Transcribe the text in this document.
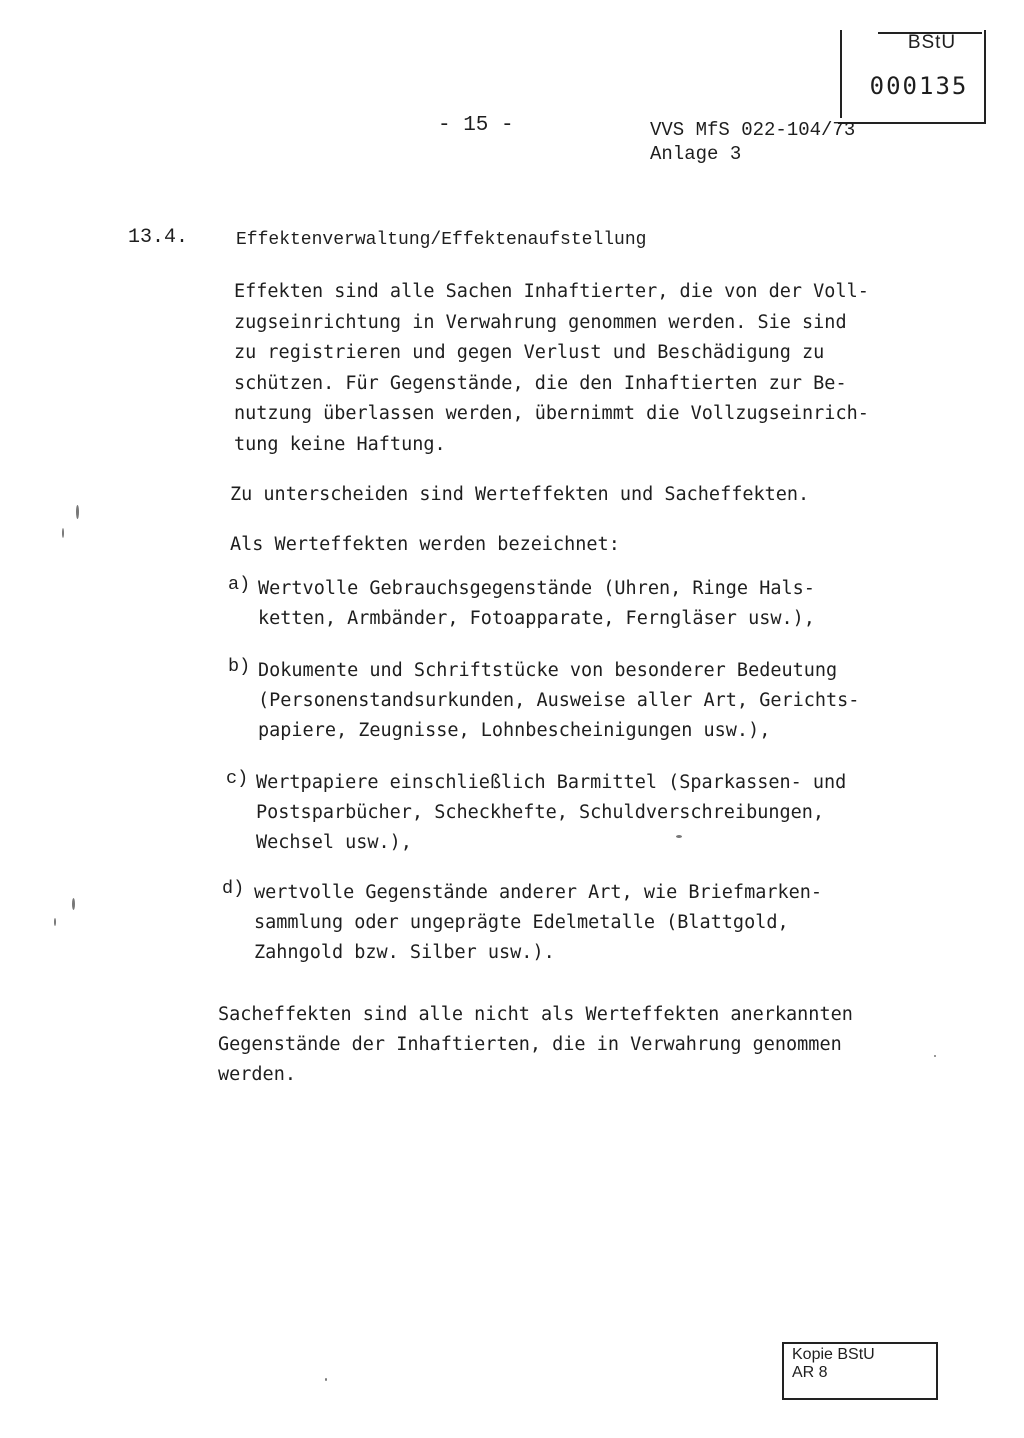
BStU
000135
- 15 -	VVS MfS 022-104/73
Anlage 3
13.4.	Effektenverwaltung/Effektenaufstellung
Effekten sind alle Sachen Inhaftierter, die von der Voll-
zugseinrichtung in Verwahrung genommen werden. Sie sind
zu registrieren und gegen Verlust und Beschädigung zu
schützen. Für Gegenstände, die den Inhaftierten zur Be-
nutzung überlassen werden, übernimmt die Vollzugseinrich-
tung keine Haftung.
Zu unterscheiden sind Werteffekten und Sacheffekten.
Als Werteffekten werden bezeichnet:
a) Wertvolle Gebrauchsgegenstände (Uhren, Ringe Hals-
ketten, Armbänder, Fotoapparate, Ferngläser usw.),
b) Dokumente und Schriftstücke von besonderer Bedeutung
(Personenstandsurkunden, Ausweise aller Art, Gerichts-
papiere, Zeugnisse, Lohnbescheinigungen usw.),
c) Wertpapiere einschließlich Barmittel (Sparkassen- und
Postsparbücher, Scheckhefte, Schuldverschreibungen,
Wechsel usw.),
d) wertvolle Gegenstände anderer Art, wie Briefmarken-
sammlung oder ungeprägte Edelmetalle (Blattgold,
Zahngold bzw. Silber usw.).
Sacheffekten sind alle nicht als Werteffekten anerkannten
Gegenstände der Inhaftierten, die in Verwahrung genommen
werden.
Kopie BStU
AR 8
